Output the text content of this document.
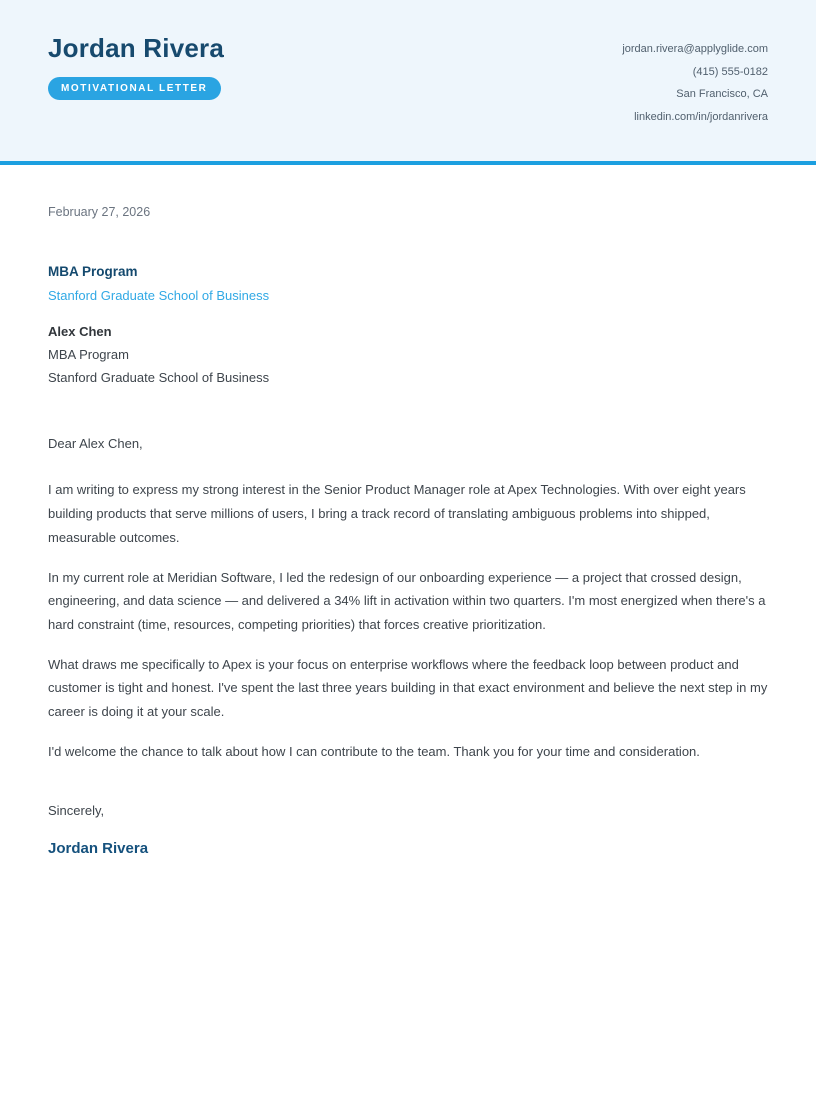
Jordan Rivera
MOTIVATIONAL LETTER
jordan.rivera@applyglide.com
(415) 555-0182
San Francisco, CA
linkedin.com/in/jordanrivera
February 27, 2026
MBA Program
Stanford Graduate School of Business
Alex Chen
MBA Program
Stanford Graduate School of Business
Dear Alex Chen,

I am writing to express my strong interest in the Senior Product Manager role at Apex Technologies. With over eight years building products that serve millions of users, I bring a track record of translating ambiguous problems into shipped, measurable outcomes.

In my current role at Meridian Software, I led the redesign of our onboarding experience — a project that crossed design, engineering, and data science — and delivered a 34% lift in activation within two quarters. I'm most energized when there's a hard constraint (time, resources, competing priorities) that forces creative prioritization.

What draws me specifically to Apex is your focus on enterprise workflows where the feedback loop between product and customer is tight and honest. I've spent the last three years building in that exact environment and believe the next step in my career is doing it at your scale.

I'd welcome the chance to talk about how I can contribute to the team. Thank you for your time and consideration.

Sincerely,
Jordan Rivera
